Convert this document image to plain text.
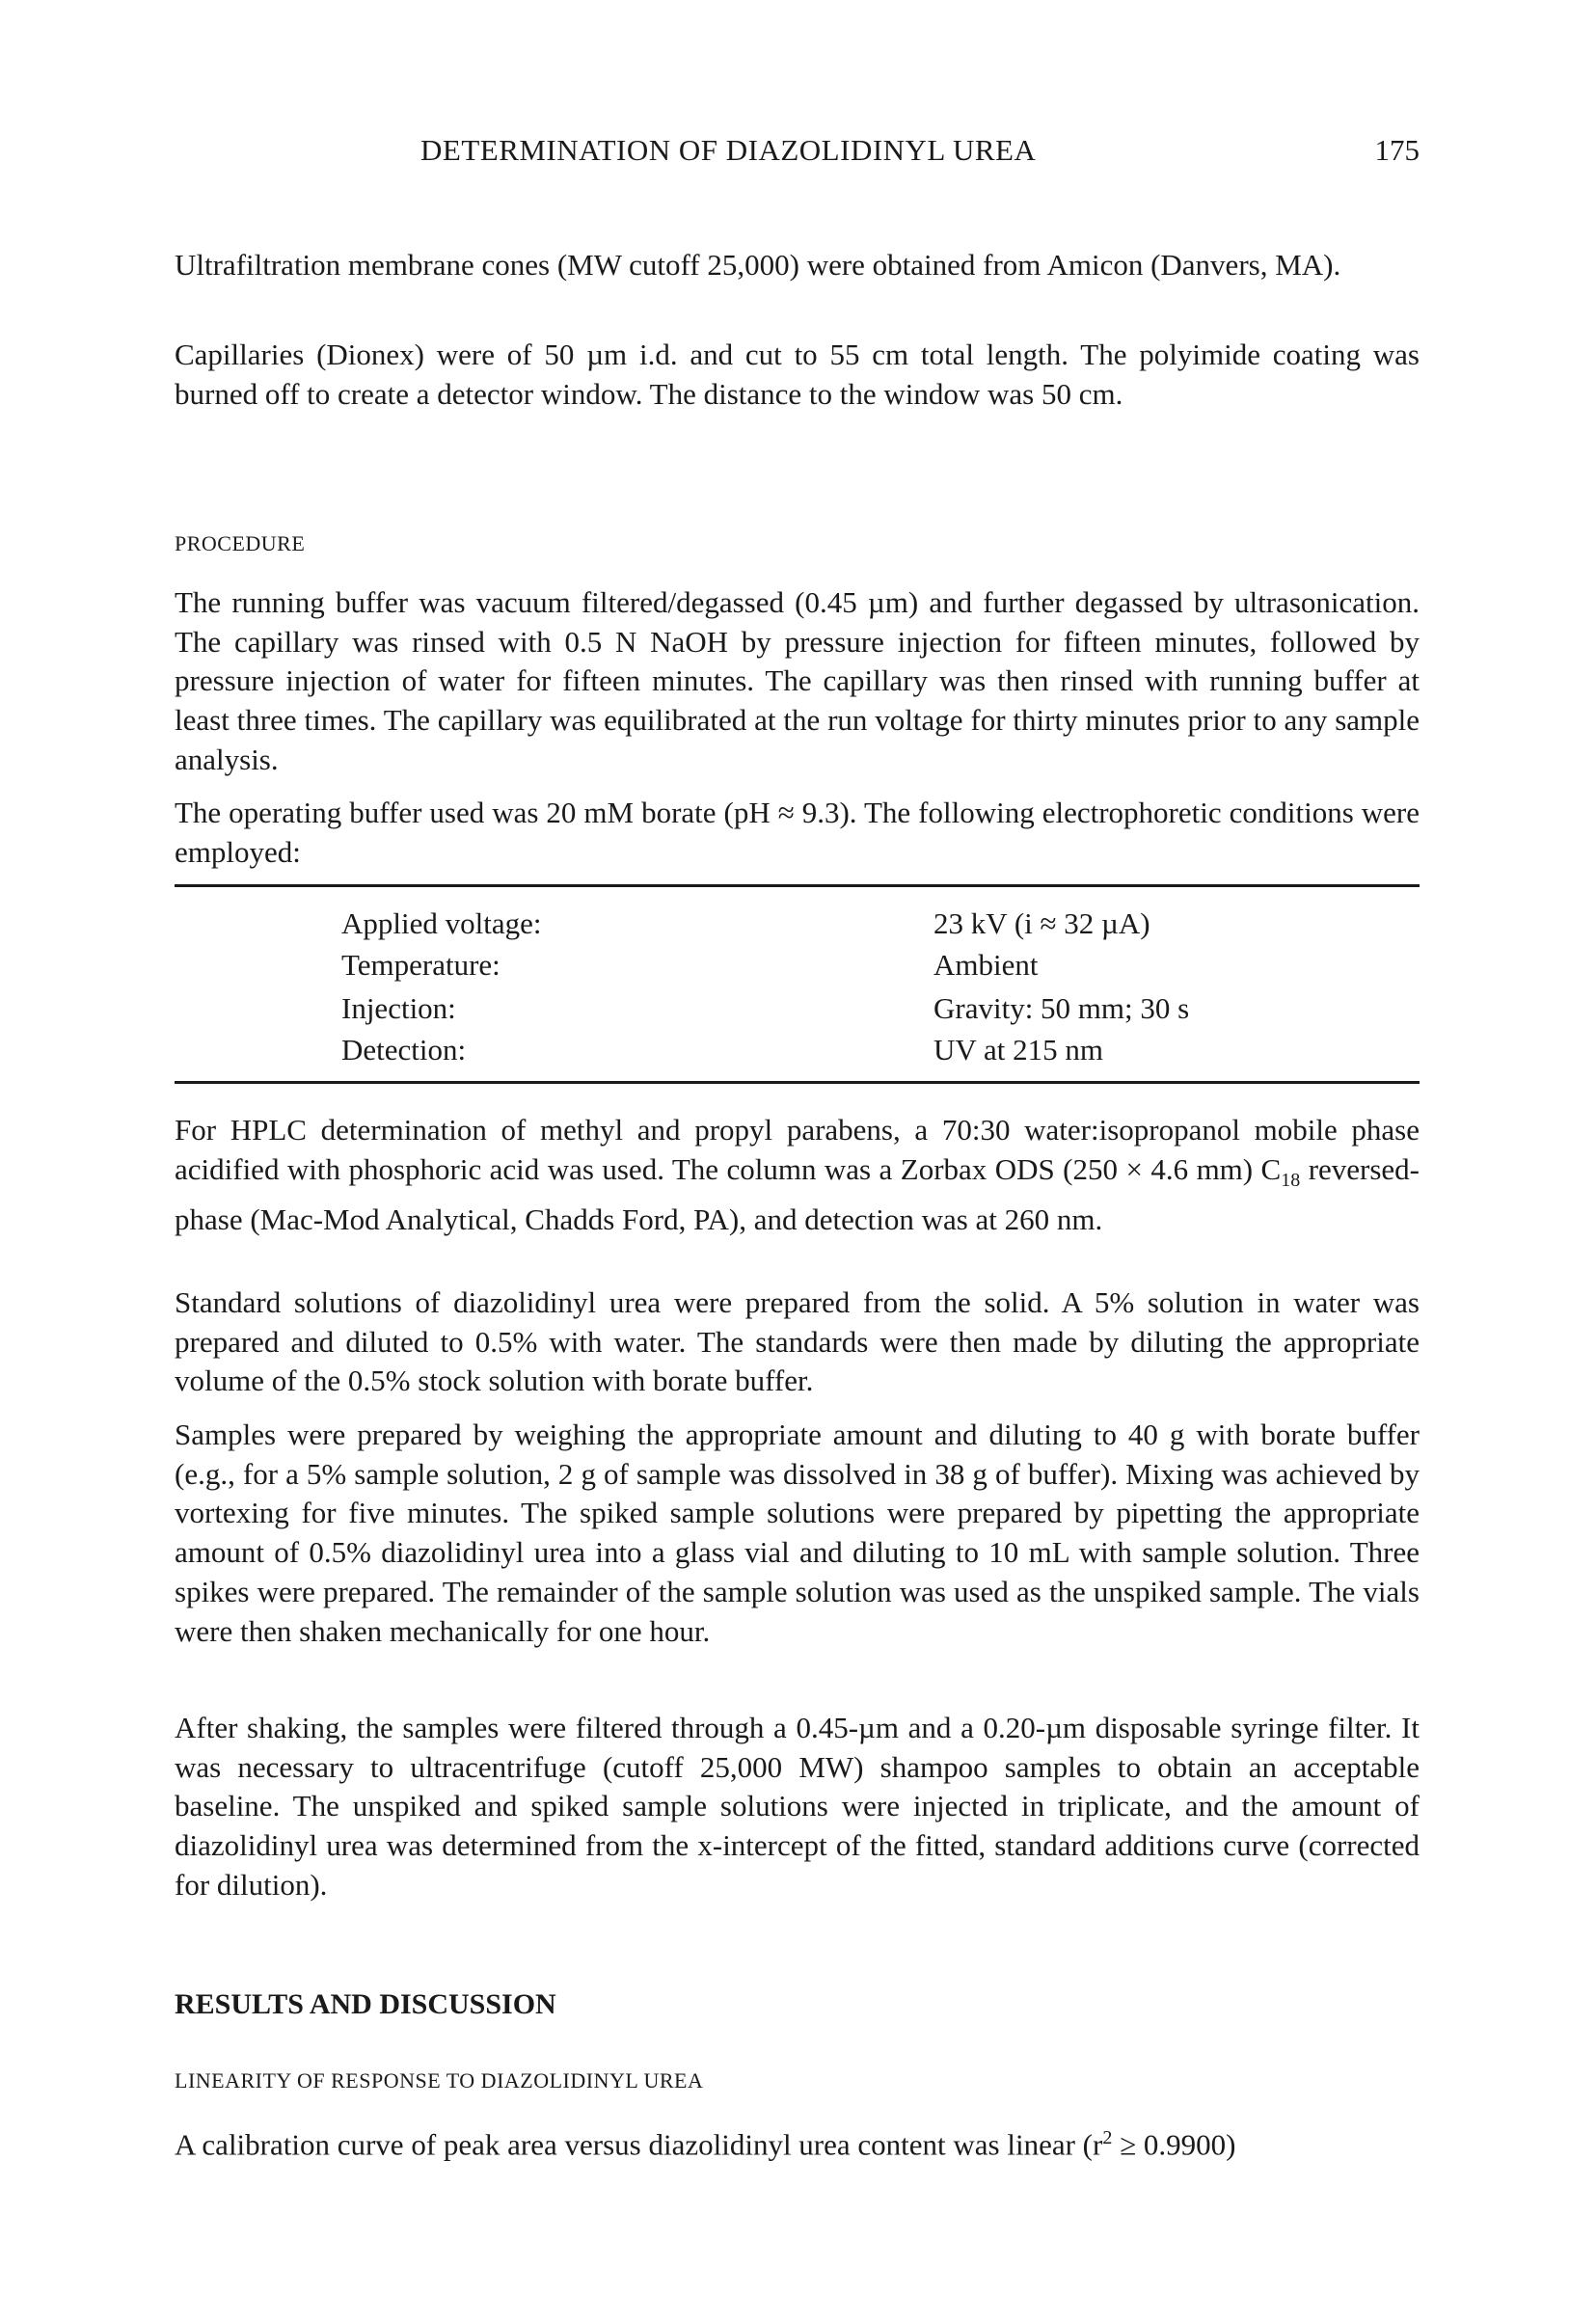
DETERMINATION OF DIAZOLIDINYL UREA	175

Ultrafiltration membrane cones (MW cutoff 25,000) were obtained from Amicon (Danvers, MA).

Capillaries (Dionex) were of 50 µm i.d. and cut to 55 cm total length. The polyimide coating was burned off to create a detector window. The distance to the window was 50 cm.

PROCEDURE

The running buffer was vacuum filtered/degassed (0.45 µm) and further degassed by ultrasonication. The capillary was rinsed with 0.5 N NaOH by pressure injection for fifteen minutes, followed by pressure injection of water for fifteen minutes. The capillary was then rinsed with running buffer at least three times. The capillary was equilibrated at the run voltage for thirty minutes prior to any sample analysis.

The operating buffer used was 20 mM borate (pH ≈ 9.3). The following electrophoretic conditions were employed:

Applied voltage:	23 kV (i ≈ 32 µA)
Temperature:	Ambient
Injection:	Gravity: 50 mm; 30 s
Detection:	UV at 215 nm

For HPLC determination of methyl and propyl parabens, a 70:30 water:isopropanol mobile phase acidified with phosphoric acid was used. The column was a Zorbax ODS (250 × 4.6 mm) $C_{18}$ reversed-phase (Mac-Mod Analytical, Chadds Ford, PA), and detection was at 260 nm.

Standard solutions of diazolidinyl urea were prepared from the solid. A 5% solution in water was prepared and diluted to 0.5% with water. The standards were then made by diluting the appropriate volume of the 0.5% stock solution with borate buffer.

Samples were prepared by weighing the appropriate amount and diluting to 40 g with borate buffer (e.g., for a 5% sample solution, 2 g of sample was dissolved in 38 g of buffer). Mixing was achieved by vortexing for five minutes. The spiked sample solutions were prepared by pipetting the appropriate amount of 0.5% diazolidinyl urea into a glass vial and diluting to 10 mL with sample solution. Three spikes were prepared. The remainder of the sample solution was used as the unspiked sample. The vials were then shaken mechanically for one hour.

After shaking, the samples were filtered through a 0.45-µm and a 0.20-µm disposable syringe filter. It was necessary to ultracentrifuge (cutoff 25,000 MW) shampoo samples to obtain an acceptable baseline. The unspiked and spiked sample solutions were injected in triplicate, and the amount of diazolidinyl urea was determined from the x-intercept of the fitted, standard additions curve (corrected for dilution).

RESULTS AND DISCUSSION
LINEARITY OF RESPONSE TO DIAZOLIDINYL UREA

A calibration curve of peak area versus diazolidinyl urea content was linear $(r^2 \ge 0.9900)$
